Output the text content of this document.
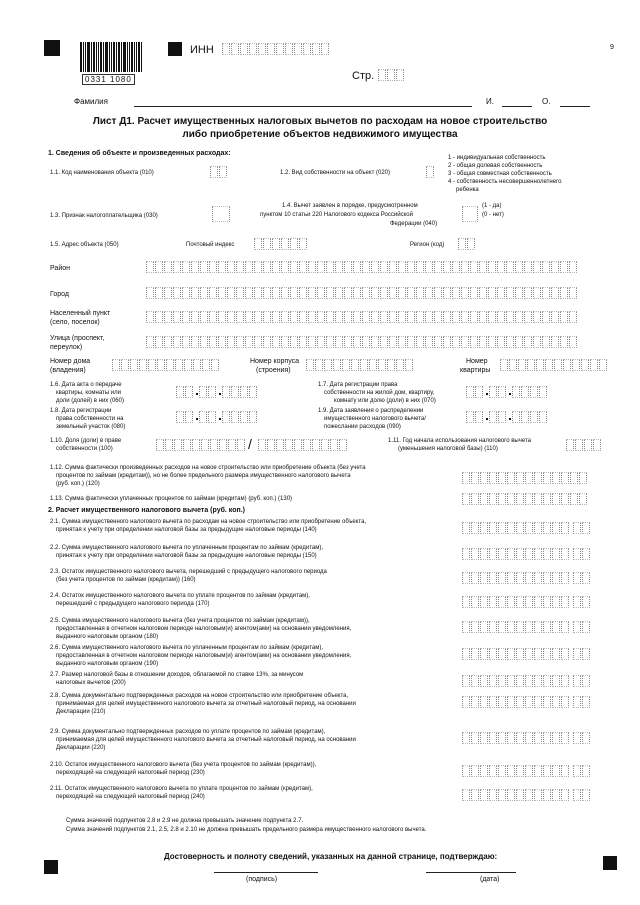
0331 1080
9
ИНН
Стр.
Фамилия	И.	О.
Лист Д1. Расчет имущественных налоговых вычетов по расходам на новое строительство
либо приобретение объектов недвижимого имущества
1. Сведения об объекте и произведенных расходах:
1.1. Код наименования объекта (010)	1.2. Вид собственности на объект (020)
1 - индивидуальная собственность
2 - общая долевая собственность
3 - общая совместная собственность
4 - собственность несовершеннолетнего
ребенка
1.3. Признак налогоплательщика (030)
1.4. Вычет заявлен в порядке, предусмотренном
пунктом 10 статьи 220 Налогового кодекса Российской
Федерации (040)
(1 - да)
(0 - нет)
1.5. Адрес объекта (050)	Почтовый индекс	Регион (код)
Район
Город
Населенный пункт
(село, поселок)
Улица (проспект,
переулок)
Номер дома
(владения)
Номер корпуса
(строения)
Номер
квартиры
1.6. Дата акта о передаче
квартиры, комнаты или
доли (долей) в них (060)
1.7. Дата регистрации права
собственности на жилой дом, квартиру,
комнату или долю (доли) в них (070)
1.8. Дата регистрации
права собственности на
земельный участок (080)
1.9. Дата заявления о распределении
имущественного налогового вычета/
пожеслании расходов (090)
1.10. Доля (доли) в праве
собственности (100)	/	1.11. Год начала использования налогового вычета
(уменьшения налоговой базы) (110)
1.12. Сумма фактически произведенных расходов на новое строительство или приобретение объекта (без учета
процентов по займам (кредитам)), но не более предельного размера имущественного налогового вычета
(руб. коп.) (120)
1.13. Сумма фактически уплаченных процентов по займам (кредитам) (руб. коп.) (130)
2. Расчет имущественного налогового вычета (руб. коп.)
2.1. Сумма имущественного налогового вычета по расходам на новое строительство или приобретение объекта,
принятая к учету при определении налоговой базы за предыдущие налоговые периоды (140)
2.2. Сумма имущественного налогового вычета по уплаченным процентам по займам (кредитам),
принятая к учету при определении налоговой базы за предыдущие налоговые периоды (150)
2.3. Остаток имущественного налогового вычета, перешедший с предыдущего налогового периода
(без учета процентов по займам (кредитам)) (160)
2.4. Остаток имущественного налогового вычета по уплате процентов по займам (кредитам),
перешедший с предыдущего налогового периода (170)
2.5. Сумма имущественного налогового вычета (без учета процентов по займам (кредитам)),
предоставленная в отчетном налоговом периоде налоговым(и) агентом(ами) на основании уведомления,
выданного налоговым органом (180)
2.6. Сумма имущественного налогового вычета по уплаченным процентам по займам (кредитам),
предоставленная в отчетном налоговом периоде налоговым(и) агентом(ами) на основании уведомления,
выданного налоговым органом (190)
2.7. Размер налоговой базы в отношении доходов, облагаемой по ставке 13%, за минусом
налоговых вычетов (200)
2.8. Сумма документально подтвержденных расходов на новое строительство или приобретение объекта,
принимаемая для целей имущественного налогового вычета за отчетный налоговый период, на основании
Декларации (210)
2.9. Сумма документально подтвержденных расходов по уплате процентов по займам (кредитам),
принимаемая для целей имущественного налогового вычета за отчетный налоговый период, на основании
Декларации (220)
2.10. Остаток имущественного налогового вычета (без учета процентов по займам (кредитам)),
переходящий на следующий налоговый период (230)
2.11. Остаток имущественного налогового вычета по уплате процентов по займам (кредитам),
переходящий на следующий налоговый период (240)
Сумма значений подпунктов 2.8 и 2.9 не должна превышать значение подпункта 2.7.
Сумма значений подпунктов 2.1, 2.5, 2.8 и 2.10 не должна превышать предельного размера имущественного налогового вычета.
Достоверность и полноту сведений, указанных на данной странице, подтверждаю:
(подпись)	(дата)
